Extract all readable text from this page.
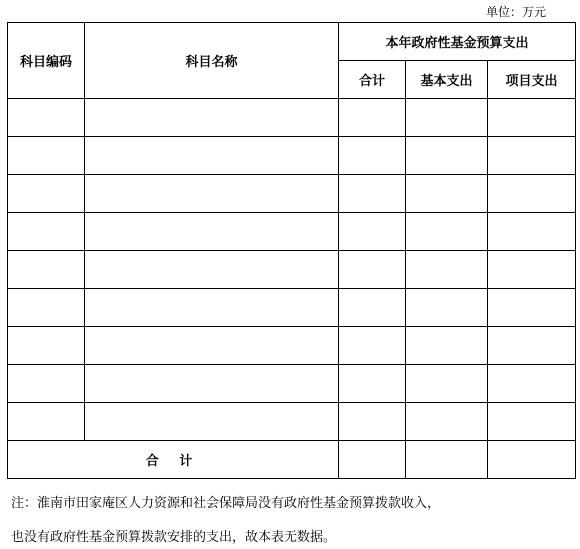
单位：万元
科目编码	科目名称	本年政府性基金预算支出		
		合计	基本支出	项目支出

合 计				
注：淮南市田家庵区人力资源和社会保障局没有政府性基金预算拨款收入，
也没有政府性基金预算拨款安排的支出，故本表无数据。
